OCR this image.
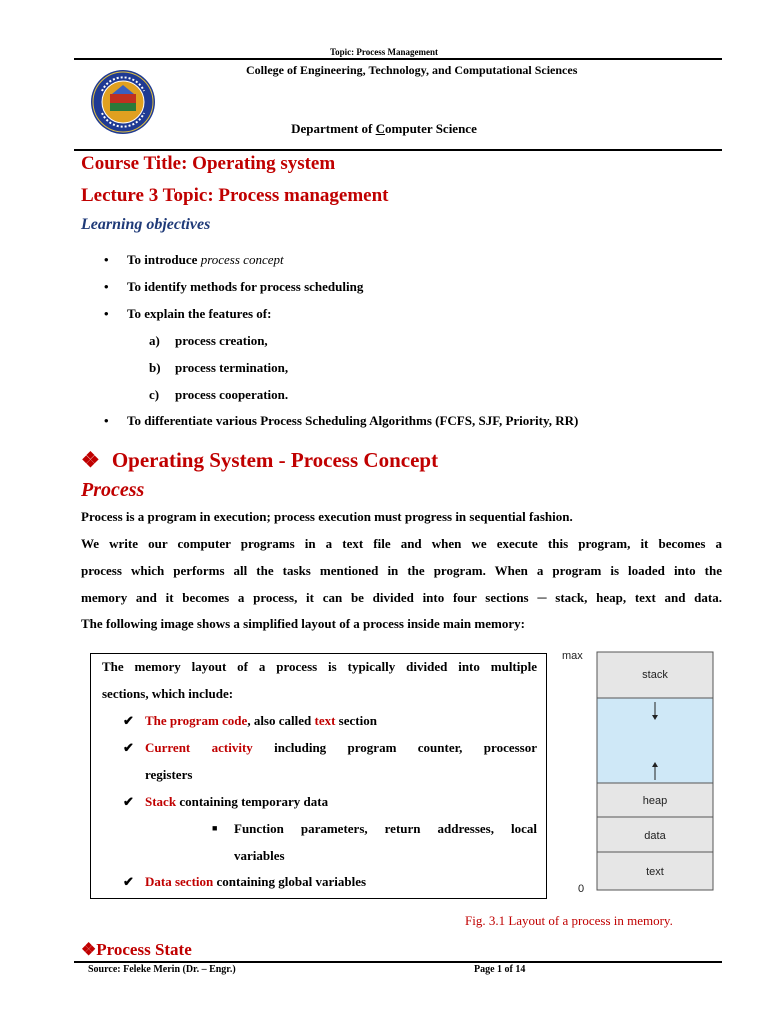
Topic: Process Management
College of Engineering, Technology, and Computational Sciences
Department of Computer Science
Course Title: Operating system
Lecture 3 Topic: Process management
Learning objectives
• To introduce process concept
• To identify methods for process scheduling
• To explain the features of:
a) process creation,
b) process termination,
c) process cooperation.
• To differentiate various Process Scheduling Algorithms (FCFS, SJF, Priority, RR)
❖ Operating System - Process Concept
Process
Process is a program in execution; process execution must progress in sequential fashion.
We write our computer programs in a text file and when we execute this program, it becomes a
process which performs all the tasks mentioned in the program. When a program is loaded into the
memory and it becomes a process, it can be divided into four sections ─ stack, heap, text and data.
The following image shows a simplified layout of a process inside main memory:
The memory layout of a process is typically divided into multiple
sections, which include:
✔ The program code, also called text section
✔ Current activity including program counter, processor
registers
✔ Stack containing temporary data
■ Function parameters, return addresses, local
variables
✔ Data section containing global variables
max
0
stack
heap
data
text
Fig. 3.1 Layout of a process in memory.
❖Process State
Source: Feleke Merin (Dr. – Engr.)	Page 1 of 14
